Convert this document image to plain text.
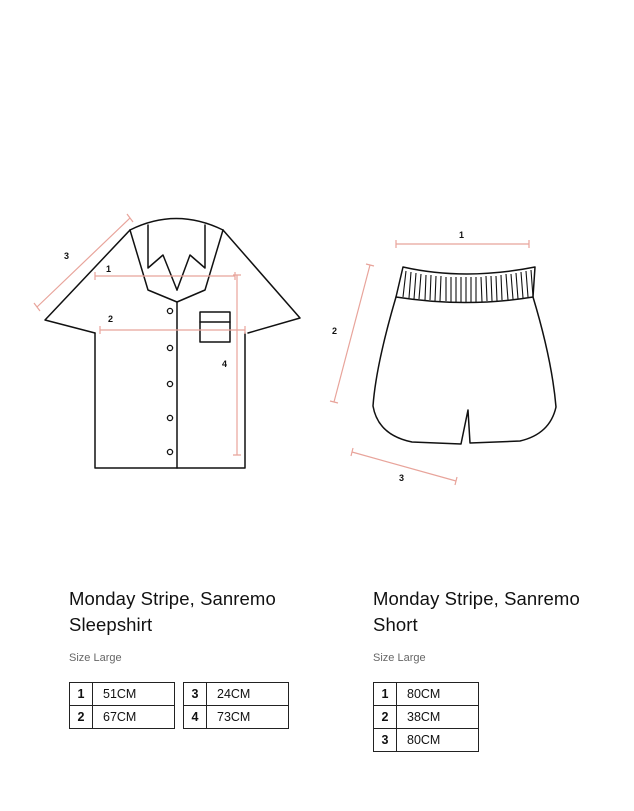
1
2
3
4
1
2
3
Monday Stripe, Sanremo
Sleepshirt
Size Large
1	51CM
2	67CM
3	24CM
4	73CM
Monday Stripe, Sanremo
Short
Size Large
1	80CM
2	38CM
3	80CM
